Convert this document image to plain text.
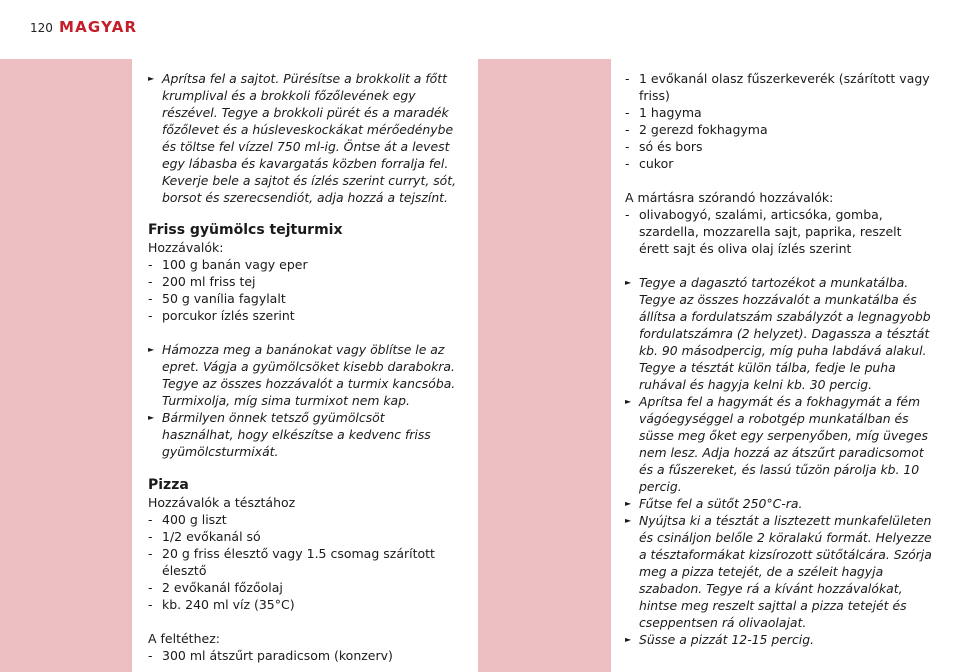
120 MAGYAR
► Aprítsa fel a sajtot. Pürésítse a brokkolit a főtt krumplival és a brokkoli főzőlevének egy részével. Tegye a brokkoli pürét és a maradék főzőlevet és a húsleveskockákat mérőedénybe és töltse fel vízzel 750 ml-ig. Öntse át a levest egy lábasba és kavargatás közben forralja fel. Keverje bele a sajtot és ízlés szerint curryt, sót, borsot és szerecsendiót, adja hozzá a tejszínt.
Friss gyümölcs tejturmix
Hozzávalók:
- 100 g banán vagy eper
- 200 ml friss tej
- 50 g vanília fagylalt
- porcukor ízlés szerint
► Hámozza meg a banánokat vagy öblítse le az epret. Vágja a gyümölcsöket kisebb darabokra. Tegye az összes hozzávalót a turmix kancsóba. Turmixolja, míg sima turmixot nem kap.
► Bármilyen önnek tetsző gyümölcsöt használhat, hogy elkészítse a kedvenc friss gyümölcsturmixát.
Pizza
Hozzávalók a tésztához
- 400 g liszt
- 1/2 evőkanál só
- 20 g friss élesztő vagy 1.5 csomag szárított élesztő
- 2 evőkanál főzőolaj
- kb. 240 ml víz (35°C)
A feltéthez:
- 300 ml átszűrt paradicsom (konzerv)
- 1 evőkanál olasz fűszerkeverék (szárított vagy friss)
- 1 hagyma
- 2 gerezd fokhagyma
- só és bors
- cukor
A mártásra szórandó hozzávalók:
- olivabogyó, szalámi, articsóka, gomba, szardella, mozzarella sajt, paprika, reszelt érett sajt és oliva olaj ízlés szerint
► Tegye a dagasztó tartozékot a munkatálba. Tegye az összes hozzávalót a munkatálba és állítsa a fordulatszám szabályzót a legnagyobb fordulatszámra (2 helyzet). Dagassza a tésztát kb. 90 másodpercig, míg puha labdává alakul. Tegye a tésztát külön tálba, fedje le puha ruhával és hagyja kelni kb. 30 percig.
► Aprítsa fel a hagymát és a fokhagymát a fém vágóegységgel a robotgép munkatálban és süsse meg őket egy serpenyőben, míg üveges nem lesz. Adja hozzá az átszűrt paradicsomot és a fűszereket, és lassú tűzön párolja kb. 10 percig.
► Fűtse fel a sütőt 250°C-ra.
► Nyújtsa ki a tésztát a lisztezett munkafelületen és csináljon belőle 2 köralakú formát. Helyezze a tésztaformákat kizsírozott sütőtálcára. Szórja meg a pizza tetejét, de a széleit hagyja szabadon. Tegye rá a kívánt hozzávalókat, hintse meg reszelt sajttal a pizza tetejét és cseppentsen rá olivaolajat.
► Süsse a pizzát 12-15 percig.
